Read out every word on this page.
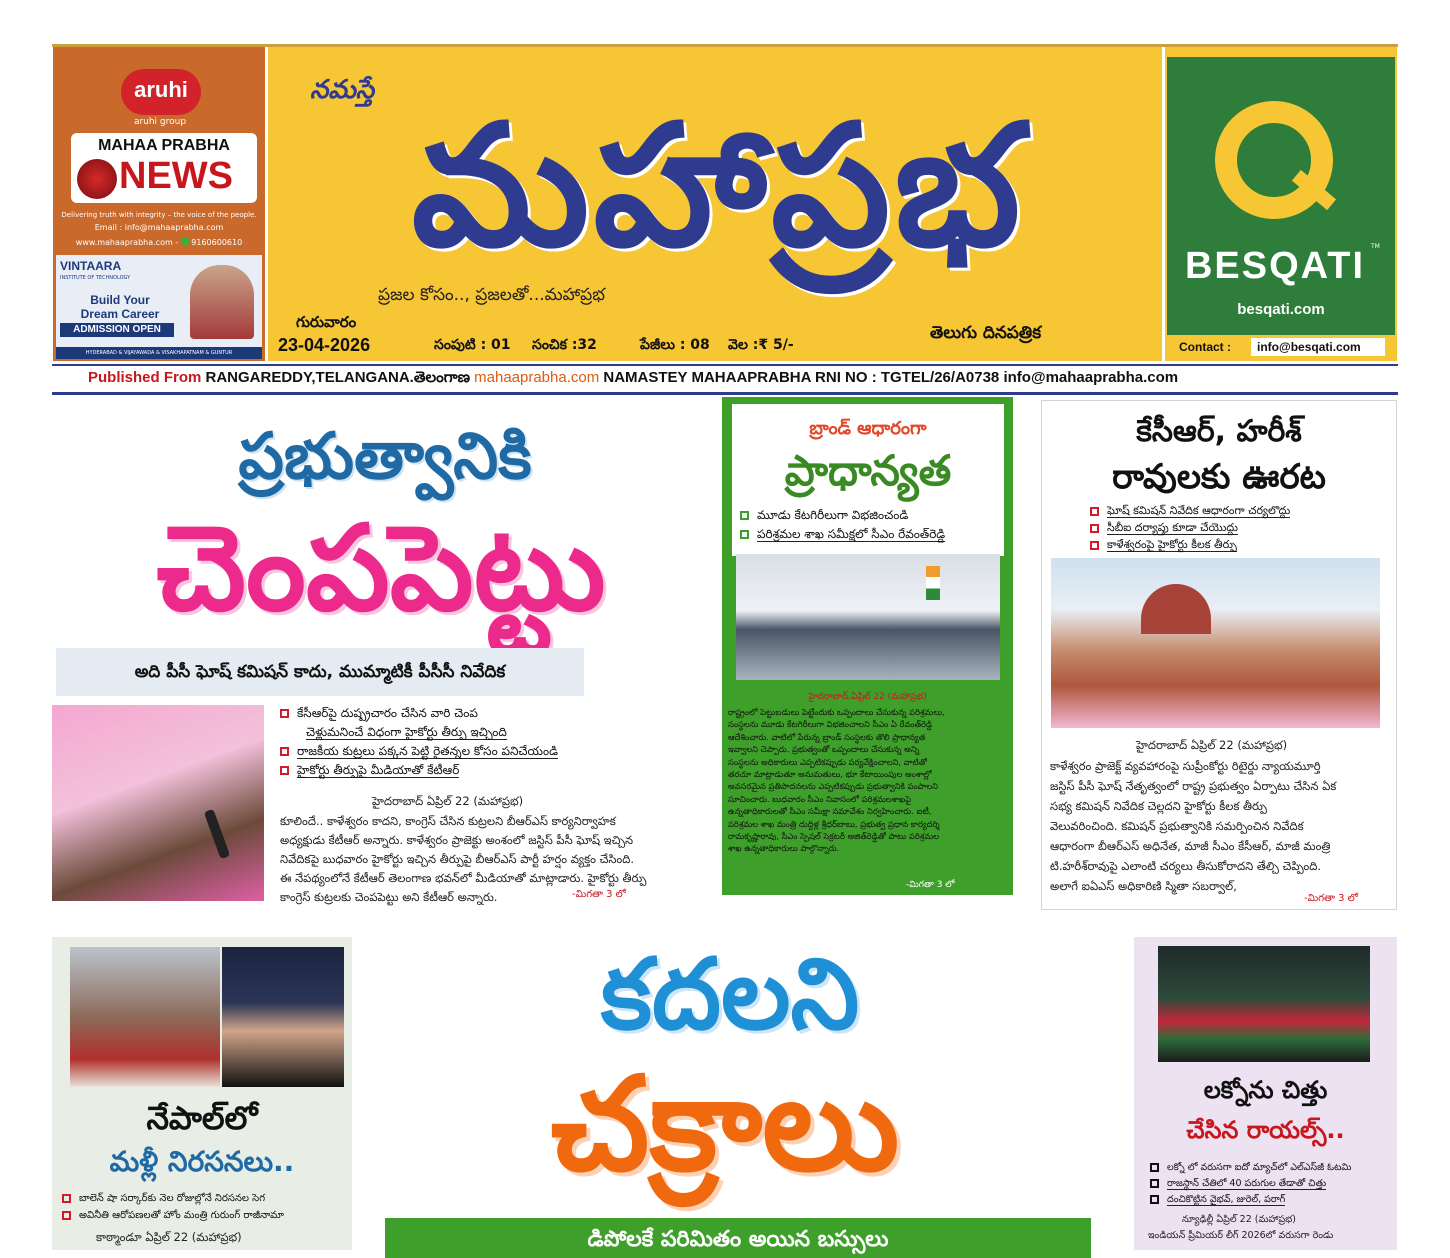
aruhi
aruhi group
MAHAA PRABHA
NEWS
Delivering truth with integrity – the voice of the people.
Email : info@mahaaprabha.com
www.mahaaprabha.com - 9160600610
VINTAARA
INSTITUTE OF TECHNOLOGY
Build Your
Dream Career
ADMISSION OPEN
HYDERABAD & VIJAYAWADA & VISAKHAPATNAM & GUNTUR
నమస్తే మహాప్రభ
ప్రజల కోసం.., ప్రజలతో...మహాప్రభ
గురువారం
23-04-2026	సంపుటి : 01 సంచిక :32	పేజీలు : 08 వెల :₹ 5/-
తెలుగు దినపత్రిక
BESQATI TM
besqati.com
Contact :	info@besqati.com
Published From RANGAREDDY,TELANGANA.తెలంగాణ mahaaprabha.com NAMASTEY MAHAAPRABHA RNI NO : TGTEL/26/A0738 info@mahaaprabha.com
ప్రభుత్వానికి
చెంపపెట్టు
అది పీసీ ఘోష్ కమిషన్ కాదు, ముమ్మాటికీ పీసీసీ నివేదిక
కేసీఆర్‌పై దుష్ప్రచారం చేసిన వారి చెంప
చెళ్లుమనించే విధంగా హైకోర్టు తీర్పు ఇచ్చింది
రాజకీయ కుట్రలు పక్కన పెట్టి రైతన్నల కోసం పనిచేయండి
హైకోర్టు తీర్పుపై మీడియాతో కేటీఆర్
హైదరాబాద్ ఏప్రిల్ 22 (మహాప్రభ)
కూలిందే.. కాళేశ్వరం కాదని, కాంగ్రెస్ చేసిన కుట్రలని బీఆర్ఎస్ కార్యనిర్వాహక
అధ్యక్షుడు కేటీఆర్ అన్నారు. కాళేశ్వరం ప్రాజెక్టు అంశంలో జస్టిస్ పీసీ ఘోష్ ఇచ్చిన
నివేదికపై బుధవారం హైకోర్టు ఇచ్చిన తీర్పుపై బీఆర్ఎస్ పార్టీ హర్షం వ్యక్తం చేసింది.
ఈ నేపథ్యంలోనే కేటీఆర్ తెలంగాణ భవన్‌లో మీడియాతో మాట్లాడారు. హైకోర్టు తీర్పు
కాంగ్రెస్ కుట్రలకు చెంపపెట్టు అని కేటీఆర్ అన్నారు.	-మిగతా 3 లో
బ్రాండ్ ఆధారంగా
ప్రాధాన్యత
మూడు కేటగిరీలుగా విభజించండి
పరిశ్రమల శాఖ సమీక్షలో సీఎం రేవంత్‌రెడ్డి
హైదరాబాద్,ఏప్రిల్ 22 (మహాప్రభ)
రాష్ట్రంలో పెట్టుబడులు పెట్టేందుకు ఒప్పందాలు చేసుకున్న పరిశ్రమలు,
సంస్థలను మూడు కేటగిరీలుగా విభజించాలని సీఎం ఏ రేవంత్‌రెడ్డి
ఆదేశించారు. వాటిలో పేరున్న బ్రాండ్ సంస్థలకు తొలి ప్రాధాన్యత
ఇవ్వాలని చెప్పారు. ప్రభుత్వంతో ఒప్పందాలు చేసుకున్న అన్ని
సంస్థలను అధికారులు ఎప్పటికప్పుడు పర్యవేక్షించాలని, వాటితో
తరచూ మాట్లాడుతూ అనుమతులు, భూ కేటాయింపుల అంశాల్లో
అవసరమైన ప్రతిపాదనలను ఎప్పటికప్పుడు ప్రభుత్వానికి పంపాలని
సూచించారు. బుధవారం సీఎం నివాసంలో పరిశ్రమలశాఖపై
ఉన్నతాధికారులతో సీఎం సమీక్షా సమావేశం నిర్వహించారు. ఐటీ,
పరిశ్రమల శాఖ మంత్రి దుద్దిళ్ల శ్రీధర్‌బాబు, ప్రభుత్వ ప్రధాన కార్యదర్శి
రామకృష్ణారావు, సీఎం స్పెషల్ సెక్రటరీ అజిత్‌రెడ్డితో పాటు పరిశ్రమల
శాఖ ఉన్నతాధికారులు పాల్గొన్నారు.
-మిగతా 3 లో
కేసీఆర్, హరీశ్
రావులకు ఊరట
ఘోష్ కమిషన్ నివేదిక ఆధారంగా చర్యలొద్దు
సీబీఐ దర్యాప్తు కూడా చేయొద్దు
కాళేశ్వరంపై హైకోర్టు కీలక తీర్పు
హైదరాబాద్ ఏప్రిల్ 22 (మహాప్రభ)
కాళేశ్వరం ప్రాజెక్ట్ వ్యవహారంపై సుప్రీంకోర్టు రిటైర్డు న్యాయమూర్తి
జస్టిస్ పీసీ ఘోష్ నేతృత్వంలో రాష్ట్ర ప్రభుత్వం ఏర్పాటు చేసిన ఏక
సభ్య కమిషన్ నివేదిక చెల్లదని హైకోర్టు కీలక తీర్పు
వెలువరించింది. కమిషన్ ప్రభుత్వానికి సమర్పించిన నివేదిక
ఆధారంగా బీఆర్ఎస్ అధినేత, మాజీ సీఎం కేసీఆర్, మాజీ మంత్రి
టి.హరీశ్‌రావుపై ఎలాంటి చర్యలు తీసుకోరాదని తేల్చి చెప్పింది.
అలాగే ఐఏఎస్ అధికారిణి స్మితా సబర్వాల్,
-మిగతా 3 లో
నేపాల్‌లో
మళ్లీ నిరసనలు..
బాలెన్ షా సర్కార్‌కు నెల రోజుల్లోనే నిరసనల సెగ
అవినీతి ఆరోపణలతో హోం మంత్రి గురుంగ్ రాజీనామా
కాఠ్మాండూ ఏప్రిల్ 22 (మహాప్రభ)
కదలని
చక్రాలు
డిపోలకే పరిమితం అయిన బస్సులు
లక్నోను చిత్తు
చేసిన రాయల్స్..
లక్నో లో వరుసగా ఐదో మ్యాచ్‌లో ఎల్ఎస్‌జీ ఓటమి
రాజస్థాన్ చేతిలో 40 పరుగుల తేడాతో చిత్తు
దంచికొట్టిన వైభవ్, జురెల్, పరాగ్
న్యూఢిల్లీ ఏప్రిల్ 22 (మహాప్రభ)
ఇండియన్ ప్రీమియర్ లీగ్ 2026లో వరుసగా రెండు
